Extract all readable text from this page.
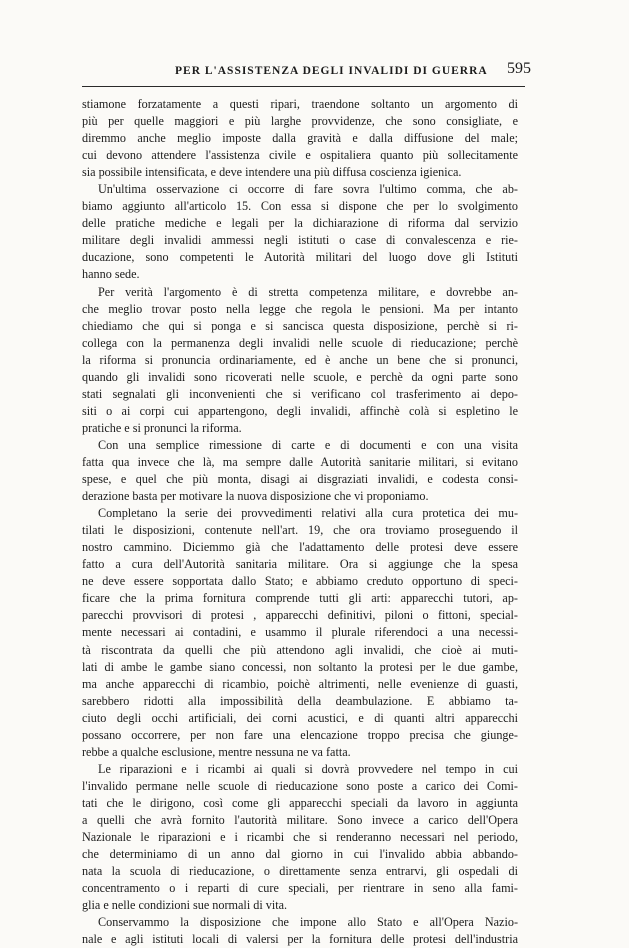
PER L'ASSISTENZA DEGLI INVALIDI DI GUERRA 595

stiamone forzatamente a questi ripari, traendone soltanto un argomento di

più per quelle maggiori e più larghe provvidenze, che sono consigliate, e

diremmo anche meglio imposte dalla gravità e dalla diffusione del male;

cui devono attendere l'assistenza civile e ospitaliera quanto più sollecitamente

sia possibile intensificata, e deve intendere una più diffusa coscienza igienica.

Un'ultima osservazione ci occorre di fare sovra l'ultimo comma, che ab-

biamo aggiunto all'articolo 15. Con essa si dispone che per lo svolgimento

delle pratiche mediche e legali per la dichiarazione di riforma dal servizio

militare degli invalidi ammessi negli istituti o case di convalescenza e rie-

ducazione, sono competenti le Autorità militari del luogo dove gli Istituti

hanno sede.

Per verità l'argomento è di stretta competenza militare, e dovrebbe an-

che meglio trovar posto nella legge che regola le pensioni. Ma per intanto

chiediamo che qui si ponga e si sancisca questa disposizione, perchè si ri-

collega con la permanenza degli invalidi nelle scuole di rieducazione; perchè

la riforma si pronuncia ordinariamente, ed è anche un bene che si pronunci,

quando gli invalidi sono ricoverati nelle scuole, e perchè da ogni parte sono

stati segnalati gli inconvenienti che si verificano col trasferimento ai depo-

siti o ai corpi cui appartengono, degli invalidi, affinchè colà si espletino le

pratiche e si pronunci la riforma.

Con una semplice rimessione di carte e di documenti e con una visita

fatta qua invece che là, ma sempre dalle Autorità sanitarie militari, si evitano

spese, e quel che più monta, disagi ai disgraziati invalidi, e codesta consi-

derazione basta per motivare la nuova disposizione che vi proponiamo.

Completano la serie dei provvedimenti relativi alla cura protetica dei mu-

tilati le disposizioni, contenute nell'art. 19, che ora troviamo proseguendo il

nostro cammino. Diciemmo già che l'adattamento delle protesi deve essere

fatto a cura dell'Autorità sanitaria militare. Ora si aggiunge che la spesa

ne deve essere sopportata dallo Stato; e abbiamo creduto opportuno di speci-

ficare che la prima fornitura comprende tutti gli arti: apparecchi tutori, ap-

parecchi provvisori di protesi , apparecchi definitivi, piloni o fittoni, special-

mente necessari ai contadini, e usammo il plurale riferendoci a una necessi-

tà riscontrata da quelli che più attendono agli invalidi, che cioè ai muti-

lati di ambe le gambe siano concessi, non soltanto la protesi per le due gambe,

ma anche apparecchi di ricambio, poichè altrimenti, nelle evenienze di guasti,

sarebbero ridotti alla impossibilità della deambulazione. E abbiamo ta-

ciuto degli occhi artificiali, dei corni acustici, e di quanti altri apparecchi

possano occorrere, per non fare una elencazione troppo precisa che giunge-

rebbe a qualche esclusione, mentre nessuna ne va fatta.

Le riparazioni e i ricambi ai quali si dovrà provvedere nel tempo in cui

l'invalido permane nelle scuole di rieducazione sono poste a carico dei Comi-

tati che le dirigono, così come gli apparecchi speciali da lavoro in aggiunta

a quelli che avrà fornito l'autorità militare. Sono invece a carico dell'Opera

Nazionale le riparazioni e i ricambi che si renderanno necessari nel periodo,

che determiniamo di un anno dal giorno in cui l'invalido abbia abbando-

nata la scuola di rieducazione, o direttamente senza entrarvi, gli ospedali di

concentramento o i reparti di cure speciali, per rientrare in seno alla fami-

glia e nelle condizioni sue normali di vita.

Conservammo la disposizione che impone allo Stato e all'Opera Nazio-

nale e agli istituti locali di valersi per la fornitura delle protesi dell'industria
